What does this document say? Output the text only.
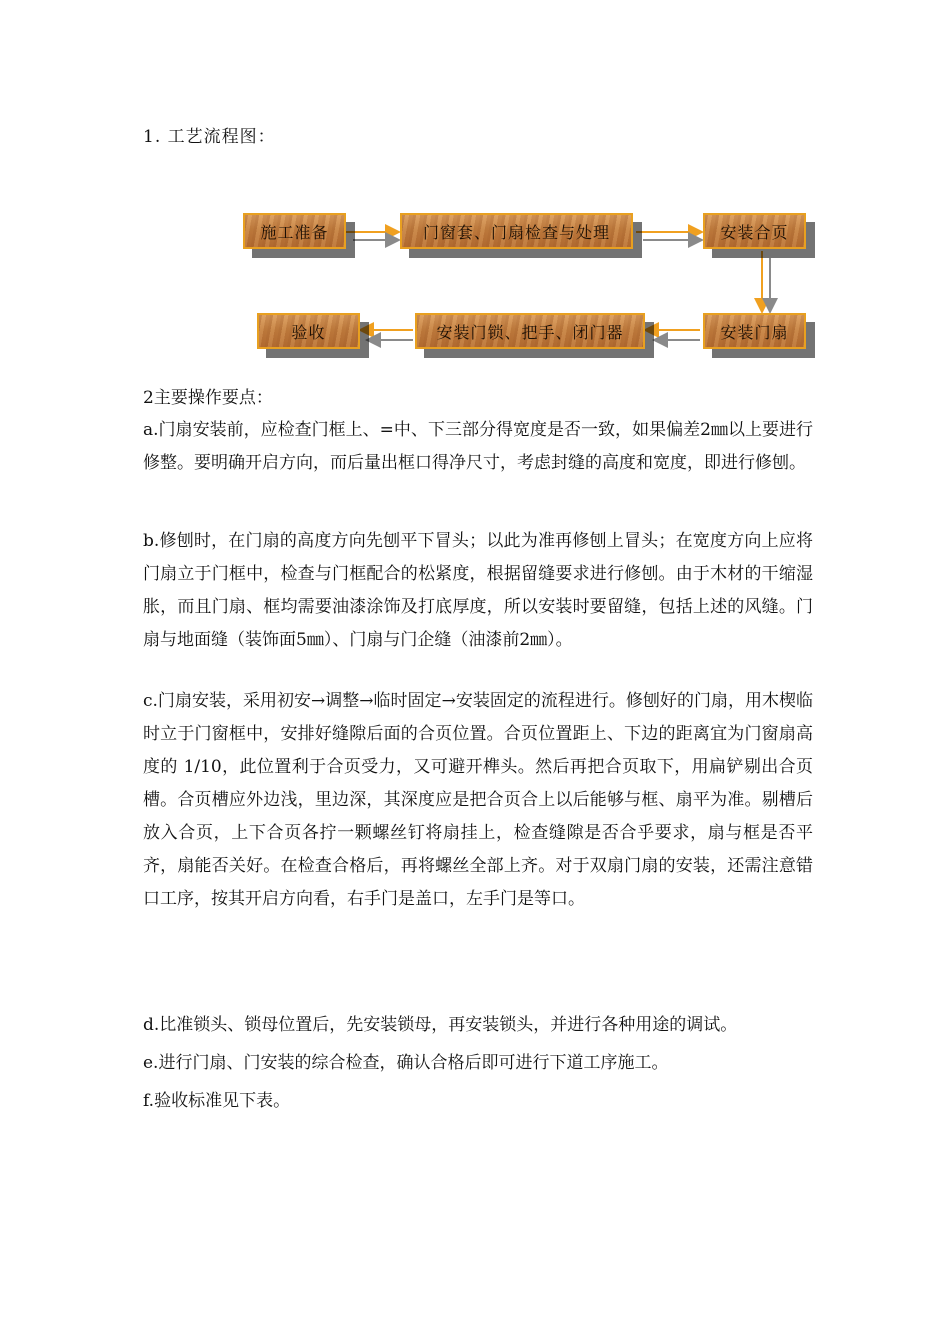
1. 工艺流程图：
施工准备	门窗套、门扇检查与处理	安装合页
安装门扇
安装门锁、把手、闭门器
验收
2主要操作要点：

a.门扇安装前，应检查门框上、=中、下三部分得宽度是否一致，如果偏差2㎜以上要进行修整。要明确开启方向，而后量出框口得净尺寸，考虑封缝的高度和宽度，即进行修刨。

b.修刨时，在门扇的高度方向先刨平下冒头；以此为准再修刨上冒头；在宽度方向上应将门扇立于门框中，检查与门框配合的松紧度，根据留缝要求进行修刨。由于木材的干缩湿胀，而且门扇、框均需要油漆涂饰及打底厚度，所以安装时要留缝，包括上述的风缝。门扇与地面缝（装饰面5㎜）、门扇与门企缝（油漆前2㎜）。

c.门扇安装，采用初安→调整→临时固定→安装固定的流程进行。修刨好的门扇，用木楔临时立于门窗框中，安排好缝隙后面的合页位置。合页位置距上、下边的距离宜为门窗扇高度的 1/10，此位置利于合页受力，又可避开榫头。然后再把合页取下，用扁铲剔出合页槽。合页槽应外边浅，里边深，其深度应是把合页合上以后能够与框、扇平为准。剔槽后放入合页，上下合页各拧一颗螺丝钉将扇挂上，检查缝隙是否合乎要求，扇与框是否平齐，扇能否关好。在检查合格后，再将螺丝全部上齐。对于双扇门扇的安装，还需注意错口工序，按其开启方向看，右手门是盖口，左手门是等口。

d.比准锁头、锁母位置后，先安装锁母，再安装锁头，并进行各种用途的调试。

e.进行门扇、门安装的综合检查，确认合格后即可进行下道工序施工。

f.验收标准见下表。
